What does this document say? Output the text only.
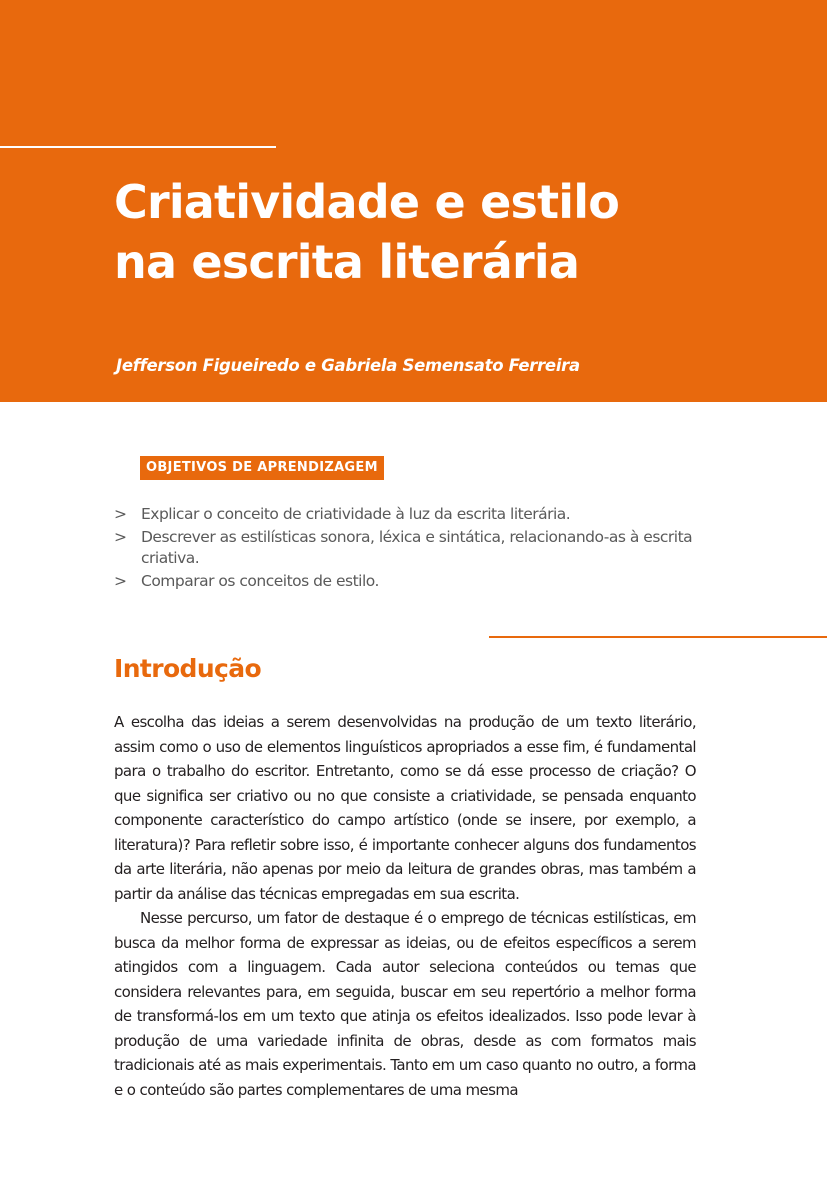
Criatividade e estilo
na escrita literária

Jefferson Figueiredo e Gabriela Semensato Ferreira

OBJETIVOS DE APRENDIZAGEM
> Explicar o conceito de criatividade à luz da escrita literária.
> Descrever as estilísticas sonora, léxica e sintática, relacionando-as à escrita criativa.
> Comparar os conceitos de estilo.
Introdução

A escolha das ideias a serem desenvolvidas na produção de um texto literário, assim como o uso de elementos linguísticos apropriados a esse fim, é fundamental para o trabalho do escritor. Entretanto, como se dá esse processo de criação? O que significa ser criativo ou no que consiste a criatividade, se pensada enquanto componente característico do campo artístico (onde se insere, por exemplo, a literatura)? Para refletir sobre isso, é importante conhecer alguns dos fundamentos da arte literária, não apenas por meio da leitura de grandes obras, mas também a partir da análise das técnicas empregadas em sua escrita.

Nesse percurso, um fator de destaque é o emprego de técnicas estilísticas, em busca da melhor forma de expressar as ideias, ou de efeitos específicos a serem atingidos com a linguagem. Cada autor seleciona conteúdos ou temas que considera relevantes para, em seguida, buscar em seu repertório a melhor forma de transformá-los em um texto que atinja os efeitos idealizados. Isso pode levar à produção de uma variedade infinita de obras, desde as com formatos mais tradicionais até as mais experimentais. Tanto em um caso quanto no outro, a forma e o conteúdo são partes complementares de uma mesma
